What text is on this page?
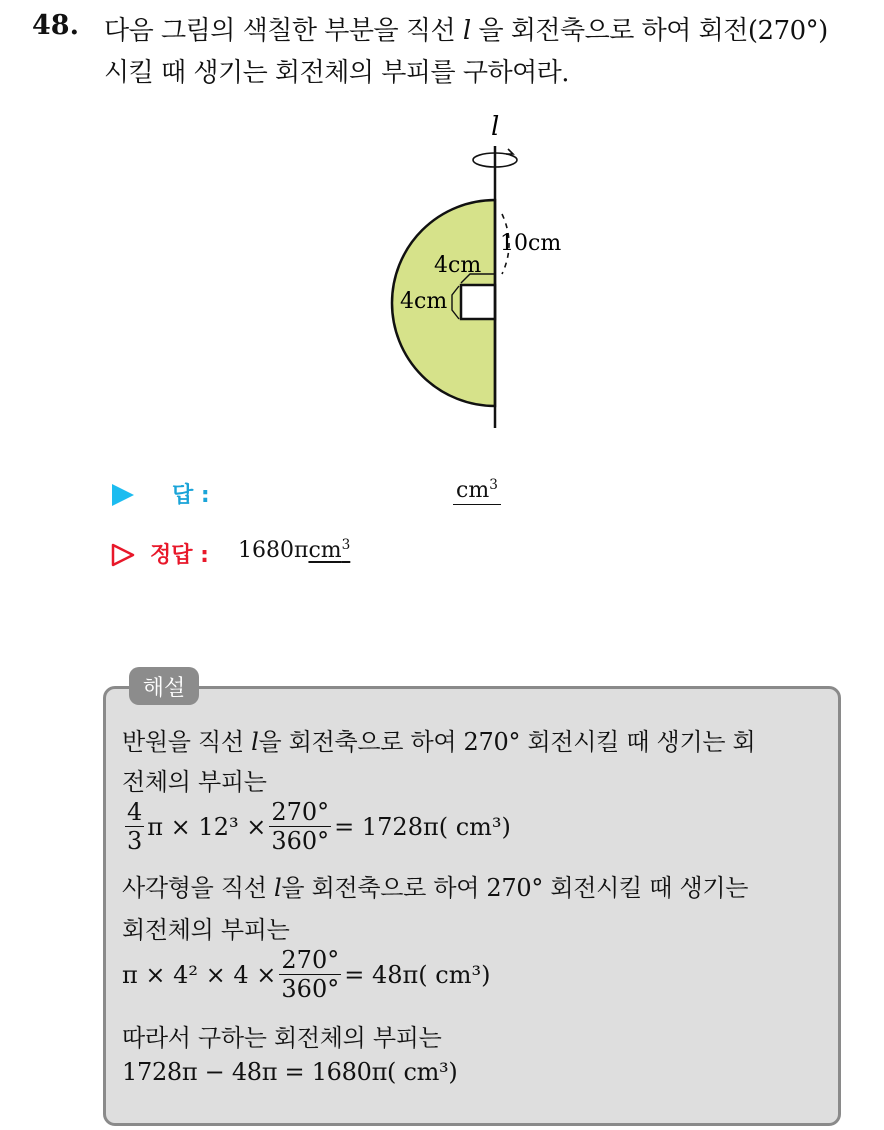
48. 다음 그림의 색칠한 부분을 직선 l 을 회전축으로 하여 회전(270°)
시킬 때 생기는 회전체의 부피를 구하여라.
l
10cm
4cm
4cm
답 :	$cm^3$
정답 : 1680πcm$^3$
해설
반원을 직선 l을 회전축으로 하여 270° 회전시킬 때 생기는 회
전체의 부피는
$\frac{4}{3}$ $\pi \times 12^3 \times \frac{270^\circ}{360^\circ} = 1728\pi$( cm³)
사각형을 직선 l을 회전축으로 하여 270° 회전시킬 때 생기는
회전체의 부피는
$\pi \times 4^2 \times 4 \times \frac{270^\circ}{360^\circ} = 48\pi$( cm³)
따라서 구하는 회전체의 부피는
1728π − 48π = 1680π( cm³)
